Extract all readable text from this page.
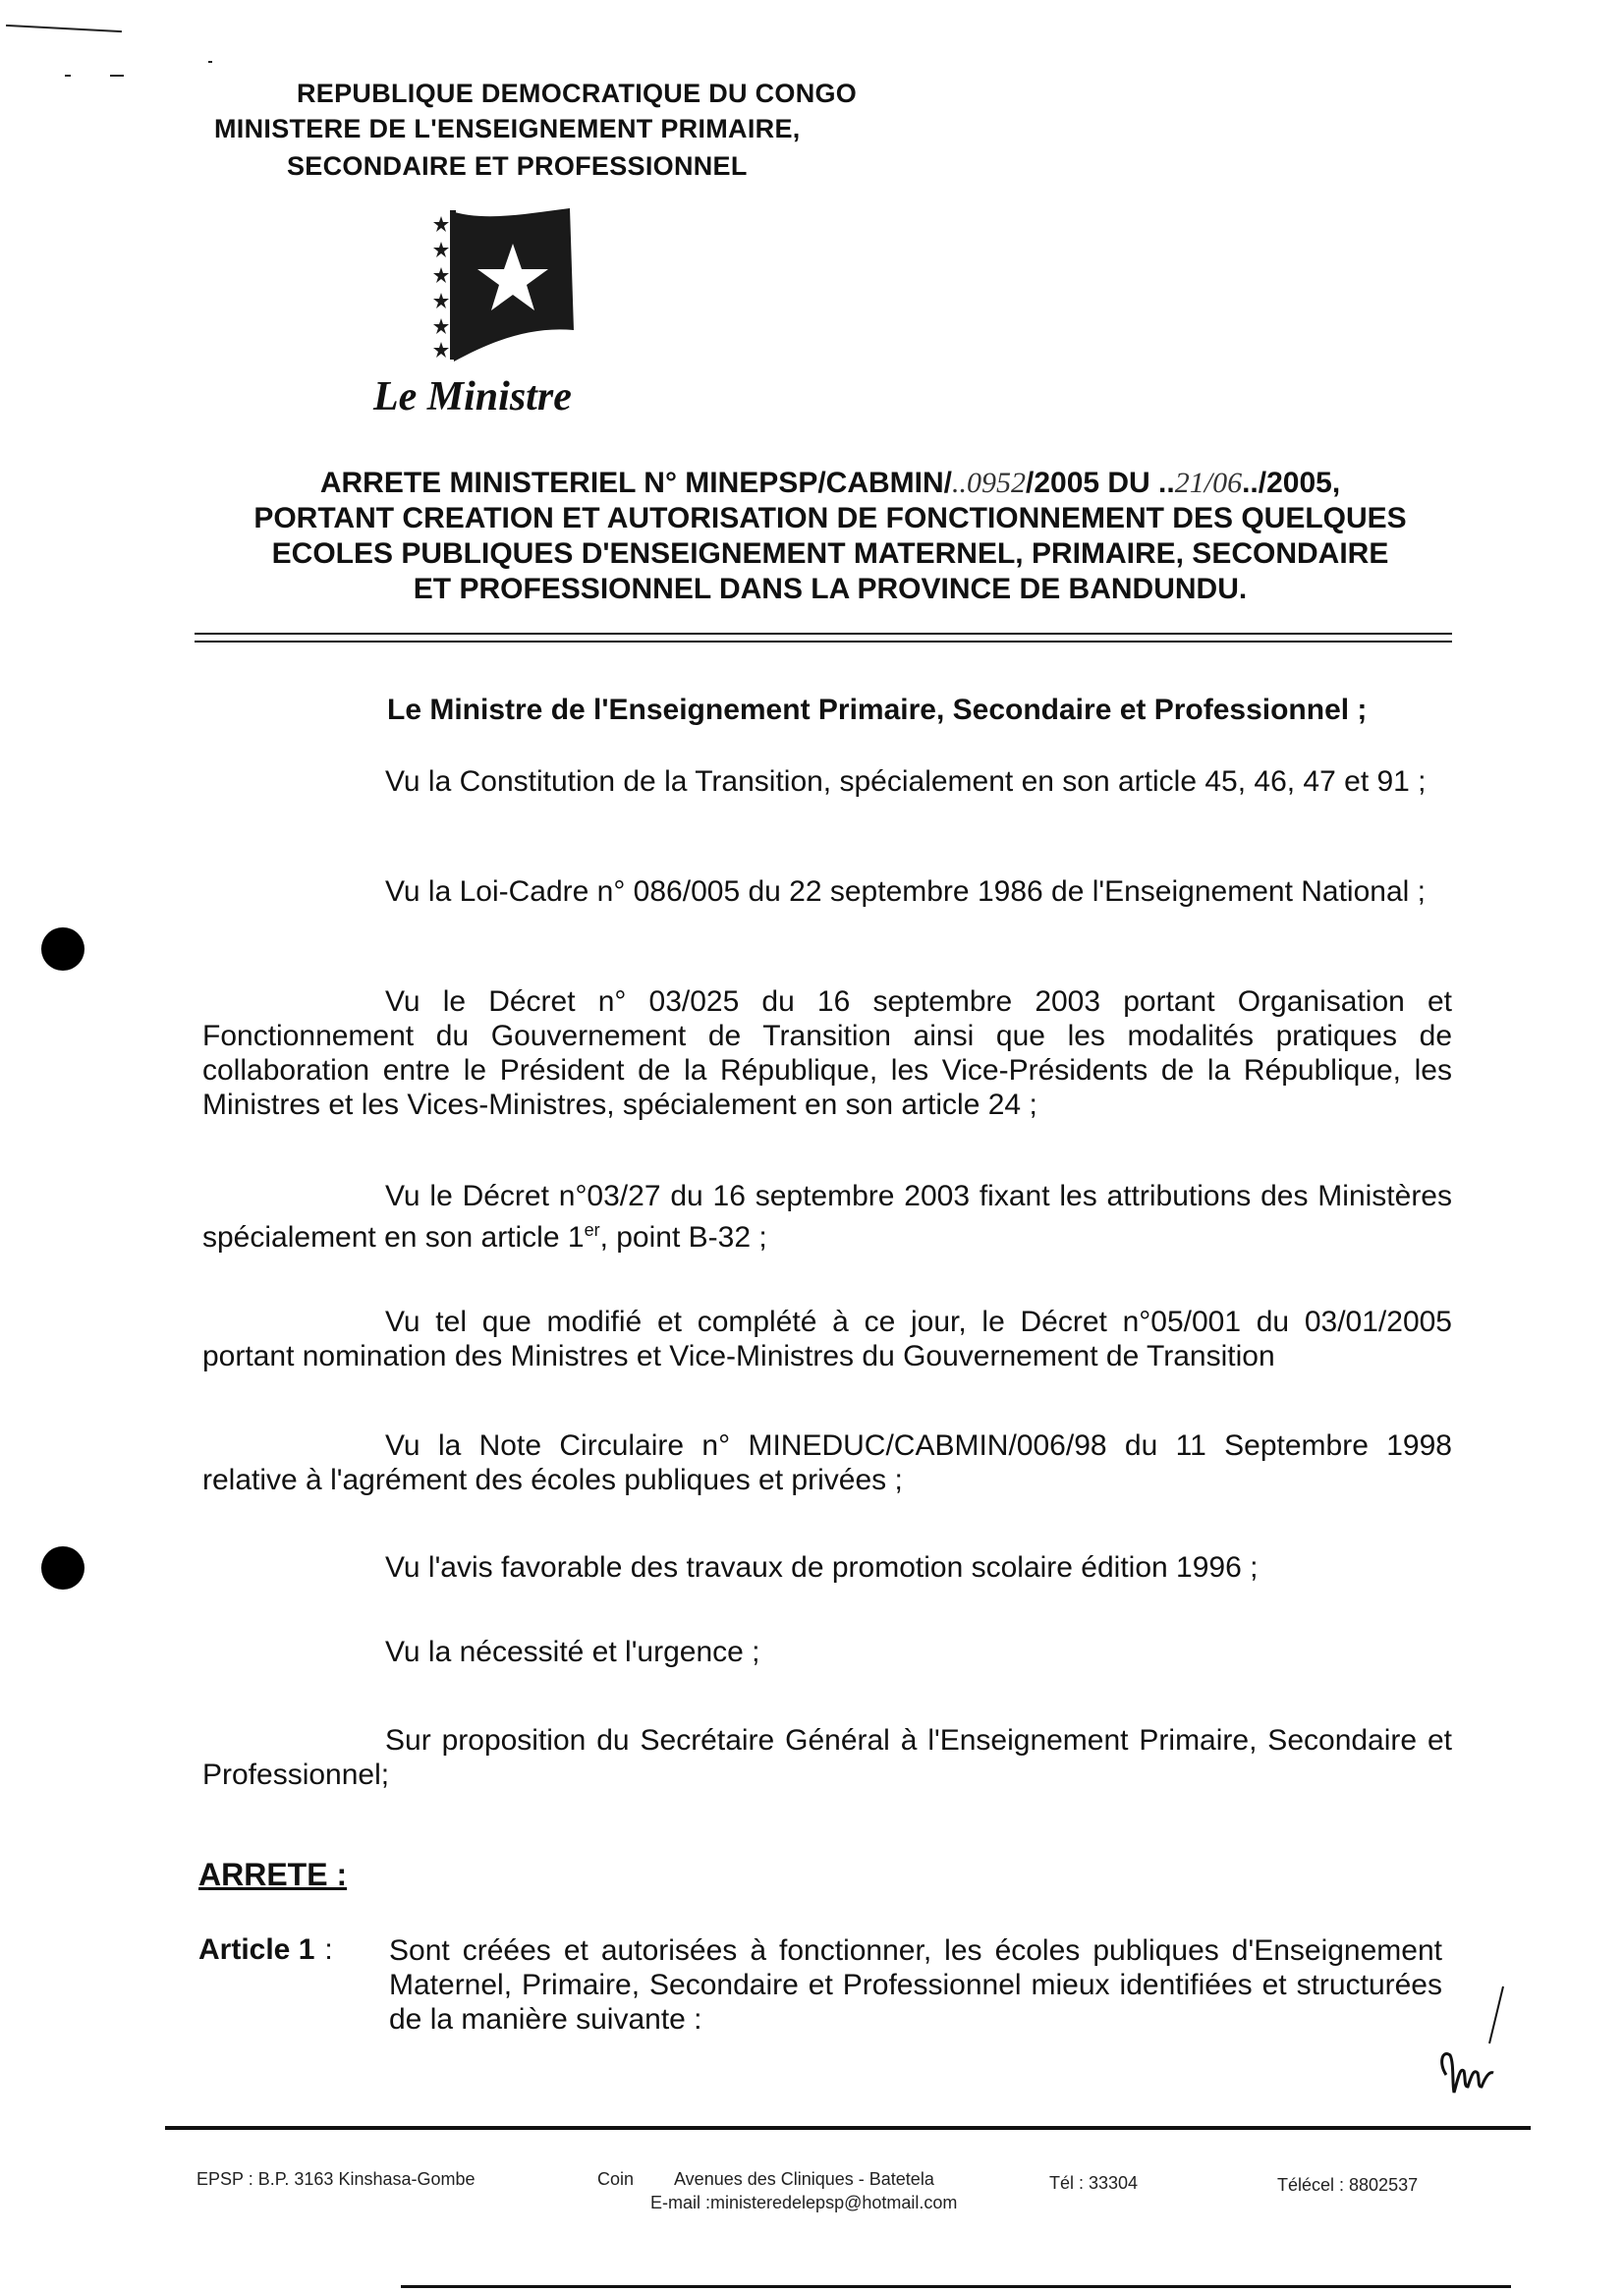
REPUBLIQUE DEMOCRATIQUE DU CONGO
MINISTERE DE L'ENSEIGNEMENT PRIMAIRE,
SECONDAIRE ET PROFESSIONNEL
Le Ministre
ARRETE MINISTERIEL N° MINEPSP/CABMIN/..0952/2005 DU ..21/06../2005,
PORTANT CREATION ET AUTORISATION DE FONCTIONNEMENT DES QUELQUES
ECOLES PUBLIQUES D'ENSEIGNEMENT MATERNEL, PRIMAIRE, SECONDAIRE
ET PROFESSIONNEL DANS LA PROVINCE DE BANDUNDU.
Le Ministre de l'Enseignement Primaire, Secondaire et Professionnel ;
Vu la Constitution de la Transition, spécialement en son article 45, 46, 47 et 91 ;
Vu la Loi-Cadre n° 086/005 du 22 septembre 1986 de l'Enseignement National ;
Vu le Décret n° 03/025 du 16 septembre 2003 portant Organisation et Fonctionnement du Gouvernement de Transition ainsi que les modalités pratiques de collaboration entre le Président de la République, les Vice-Présidents de la République, les Ministres et les Vices-Ministres, spécialement en son article 24 ;
Vu le Décret n°03/27 du 16 septembre 2003 fixant les attributions des Ministères spécialement en son article 1er, point B-32 ;
Vu tel que modifié et complété à ce jour, le Décret n°05/001 du 03/01/2005 portant nomination des Ministres et Vice-Ministres du Gouvernement de Transition
Vu la Note Circulaire n° MINEDUC/CABMIN/006/98 du 11 Septembre 1998 relative à l'agrément des écoles publiques et privées ;
Vu l'avis favorable des travaux de promotion scolaire édition 1996 ;
Vu la nécessité et l'urgence ;
Sur proposition du Secrétaire Général à l'Enseignement Primaire, Secondaire et Professionnel;
ARRETE :
Article 1 : Sont créées et autorisées à fonctionner, les écoles publiques d'Enseignement Maternel, Primaire, Secondaire et Professionnel mieux identifiées et structurées de la manière suivante :
EPSP : B.P. 3163 Kinshasa-Gombe	Coin Avenues des Cliniques - Batetela
E-mail :ministeredelepsp@hotmail.com
Tél : 33304	Télécel : 8802537
